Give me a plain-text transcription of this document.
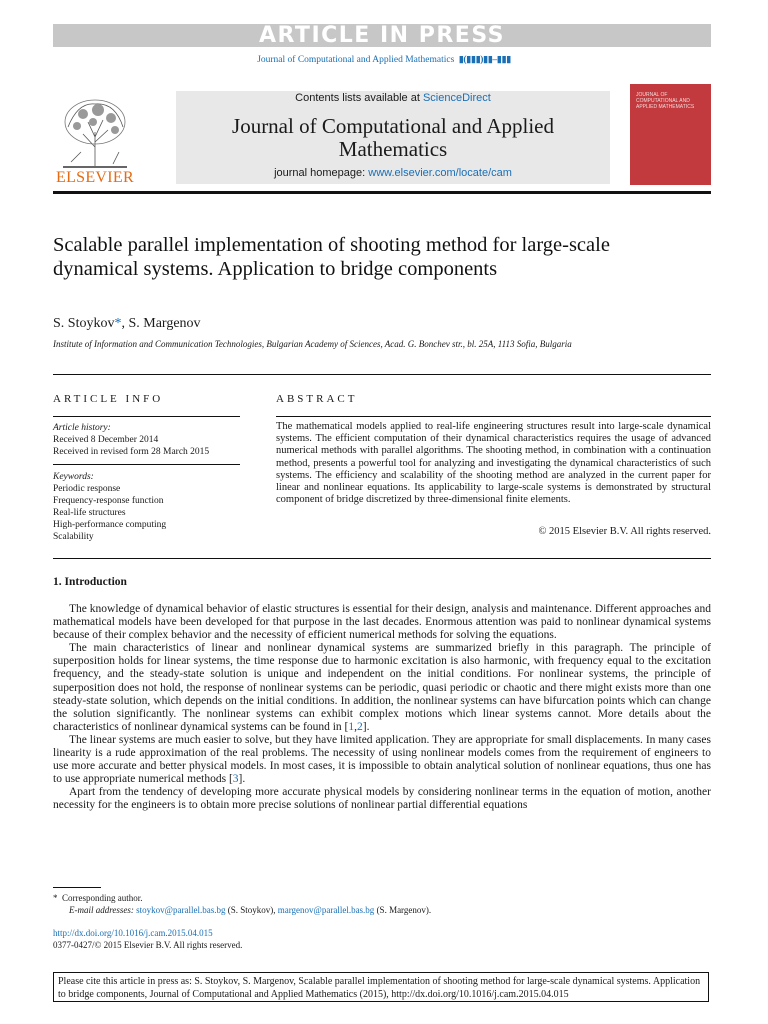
ARTICLE IN PRESS
Journal of Computational and Applied Mathematics ▮(▮▮▮)▮▮–▮▮▮
ELSEVIER
Contents lists available at ScienceDirect
Journal of Computational and Applied
Mathematics
journal homepage: www.elsevier.com/locate/cam
JOURNAL OF COMPUTATIONAL AND APPLIED MATHEMATICS
Scalable parallel implementation of shooting method for large-scale dynamical systems. Application to bridge components
S. Stoykov*, S. Margenov
Institute of Information and Communication Technologies, Bulgarian Academy of Sciences, Acad. G. Bonchev str., bl. 25A, 1113 Sofia, Bulgaria
ARTICLE INFO	ABSTRACT
Article history:
Received 8 December 2014
Received in revised form 28 March 2015
Keywords:
Periodic response
Frequency-response function
Real-life structures
High-performance computing
Scalability
The mathematical models applied to real-life engineering structures result into large-scale dynamical systems. The efficient computation of their dynamical characteristics requires the usage of advanced numerical methods with parallel algorithms. The shooting method, in combination with a continuation method, presents a powerful tool for analyzing and investigating the dynamical characteristics of such systems. The efficiency and scalability of the shooting method are analyzed in the current paper for linear and nonlinear equations. Its applicability to large-scale systems is demonstrated by structural component of bridge discretized by three-dimensional finite elements.
© 2015 Elsevier B.V. All rights reserved.
1. Introduction

The knowledge of dynamical behavior of elastic structures is essential for their design, analysis and maintenance. Different approaches and mathematical models have been developed for that purpose in the last decades. Enormous attention was paid to nonlinear dynamical systems because of their complex behavior and the necessity of efficient numerical methods for solving the equations.

The main characteristics of linear and nonlinear dynamical systems are summarized briefly in this paragraph. The principle of superposition holds for linear systems, the time response due to harmonic excitation is also harmonic, with frequency equal to the excitation frequency, and the steady-state solution is unique and independent on the initial conditions. For nonlinear systems, the principle of superposition does not hold, the response of nonlinear systems can be periodic, quasi periodic or chaotic and there might exists more than one steady-state solution, which depends on the initial conditions. In addition, the nonlinear systems can have bifurcation points which can change the solution significantly. The nonlinear systems can exhibit complex motions which linear systems cannot. More details about the characteristics of nonlinear dynamical systems can be found in [1,2].

The linear systems are much easier to solve, but they have limited application. They are appropriate for small displacements. In many cases linearity is a rude approximation of the real problems. The necessity of using nonlinear models comes from the requirement of engineers to use more accurate and better physical models. In most cases, it is impossible to obtain analytical solution of nonlinear equations, thus one has to use appropriate numerical methods [3].

Apart from the tendency of developing more accurate physical models by considering nonlinear terms in the equation of motion, another necessity for the engineers is to obtain more precise solutions of nonlinear partial differential equations

* Corresponding author.
E-mail addresses: stoykov@parallel.bas.bg (S. Stoykov), margenov@parallel.bas.bg (S. Margenov).
http://dx.doi.org/10.1016/j.cam.2015.04.015
0377-0427/© 2015 Elsevier B.V. All rights reserved.
Please cite this article in press as: S. Stoykov, S. Margenov, Scalable parallel implementation of shooting method for large-scale dynamical systems. Application to bridge components, Journal of Computational and Applied Mathematics (2015), http://dx.doi.org/10.1016/j.cam.2015.04.015
